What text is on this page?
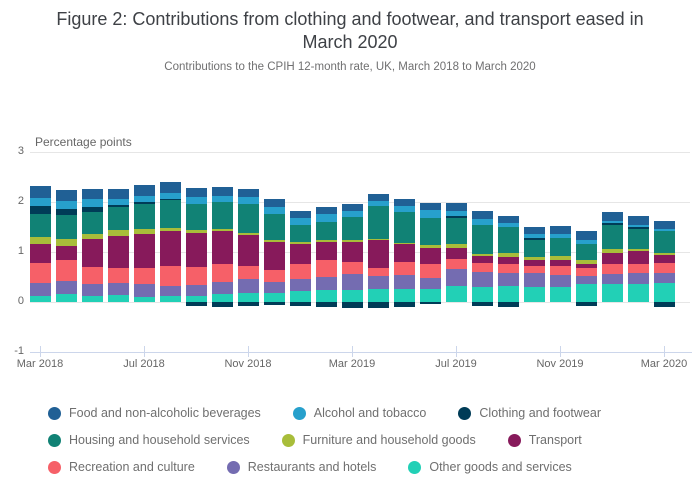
Figure 2: Contributions from clothing and footwear, and transport eased in March 2020
Contributions to the CPIH 12-month rate, UK, March 2018 to March 2020
Percentage points
3
2
1
0
-1
Mar 2018	Jul 2018	Nov 2018	Mar 2019	Jul 2019	Nov 2019	Mar 2020
Food and non-alcoholic beverages	Alcohol and tobacco	Clothing and footwear
Housing and household services	Furniture and household goods	Transport
Recreation and culture	Restaurants and hotels	Other goods and services
